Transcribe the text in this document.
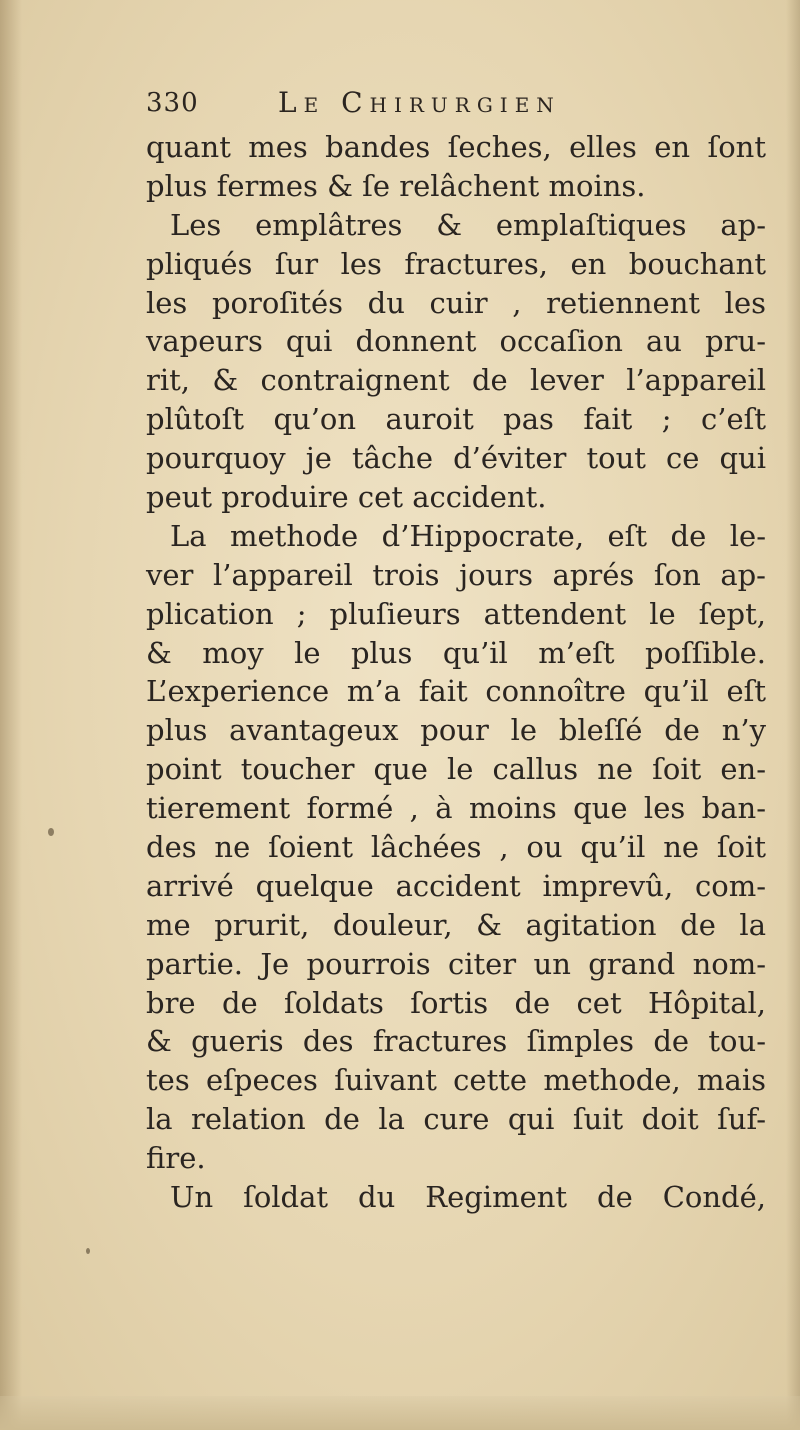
330	Le Chirurgien
quant mes bandes ſeches, elles en ſont
plus fermes & ſe relâchent moins.
Les emplâtres & emplaſtiques ap-
pliqués ſur les fractures, en bouchant
les poroſités du cuir , retiennent les
vapeurs qui donnent occaſion au pru-
rit, & contraignent de lever l’appareil
plûtoſt qu’on auroit pas fait ; c’eſt
pourquoy je tâche d’éviter tout ce qui
peut produire cet accident.
La methode d’Hippocrate, eſt de le-
ver l’appareil trois jours aprés ſon ap-
plication ; pluſieurs attendent le ſept,
& moy le plus qu’il m’eſt poſſible.
L’experience m’a fait connoître qu’il eſt
plus avantageux pour le bleſſé de n’y
point toucher que le callus ne ſoit en-
tierement formé , à moins que les ban-
des ne ſoient lâchées , ou qu’il ne ſoit
arrivé quelque accident imprevû, com-
me prurit, douleur, & agitation de la
partie. Je pourrois citer un grand nom-
bre de ſoldats ſortis de cet Hôpital,
& gueris des fractures ſimples de tou-
tes eſpeces ſuivant cette methode, mais
la relation de la cure qui ſuit doit ſuf-
fire.
Un ſoldat du Regiment de Condé,
